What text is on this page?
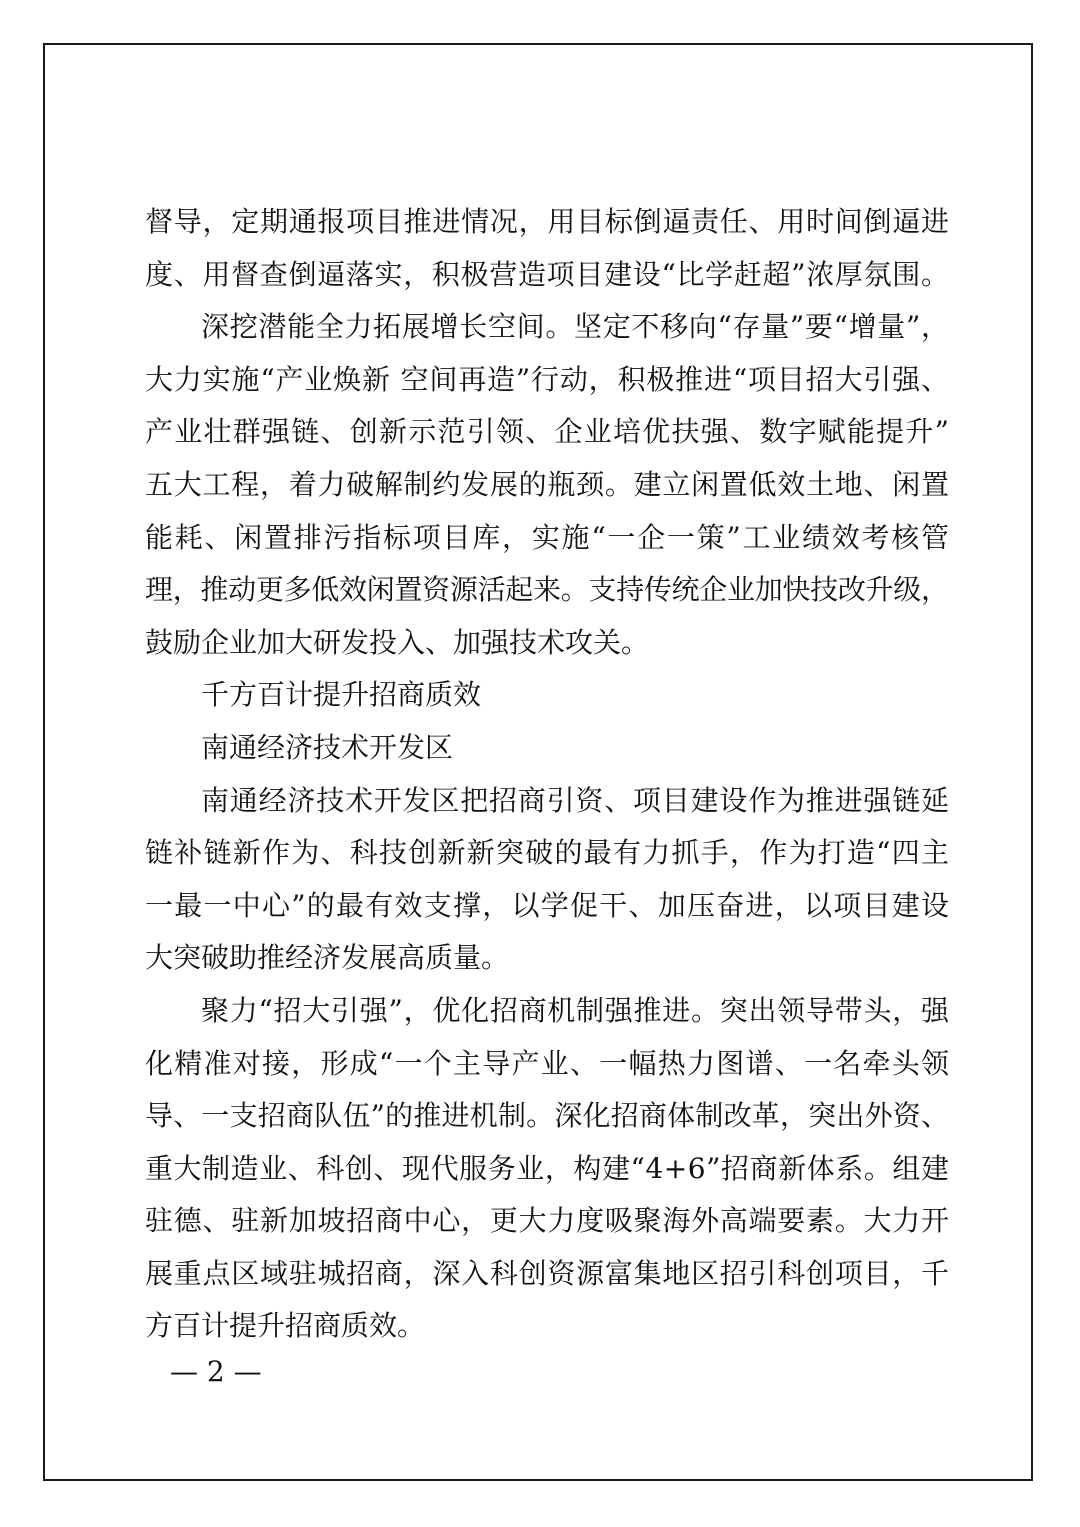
督导，定期通报项目推进情况，用目标倒逼责任、用时间倒逼进
度、用督查倒逼落实，积极营造项目建设“比学赶超”浓厚氛围。
深挖潜能全力拓展增长空间。坚定不移向“存量”要“增量”，
大力实施“产业焕新 空间再造”行动，积极推进“项目招大引强、
产业壮群强链、创新示范引领、企业培优扶强、数字赋能提升”
五大工程，着力破解制约发展的瓶颈。建立闲置低效土地、闲置
能耗、闲置排污指标项目库，实施“一企一策”工业绩效考核管
理，推动更多低效闲置资源活起来。支持传统企业加快技改升级，
鼓励企业加大研发投入、加强技术攻关。
千方百计提升招商质效
南通经济技术开发区
南通经济技术开发区把招商引资、项目建设作为推进强链延
链补链新作为、科技创新新突破的最有力抓手，作为打造“四主
一最一中心”的最有效支撑，以学促干、加压奋进，以项目建设
大突破助推经济发展高质量。
聚力“招大引强”，优化招商机制强推进。突出领导带头，强
化精准对接，形成“一个主导产业、一幅热力图谱、一名牵头领
导、一支招商队伍”的推进机制。深化招商体制改革，突出外资、
重大制造业、科创、现代服务业，构建“4+6”招商新体系。组建
驻德、驻新加坡招商中心，更大力度吸聚海外高端要素。大力开
展重点区域驻城招商，深入科创资源富集地区招引科创项目，千
方百计提升招商质效。
— 2 —
